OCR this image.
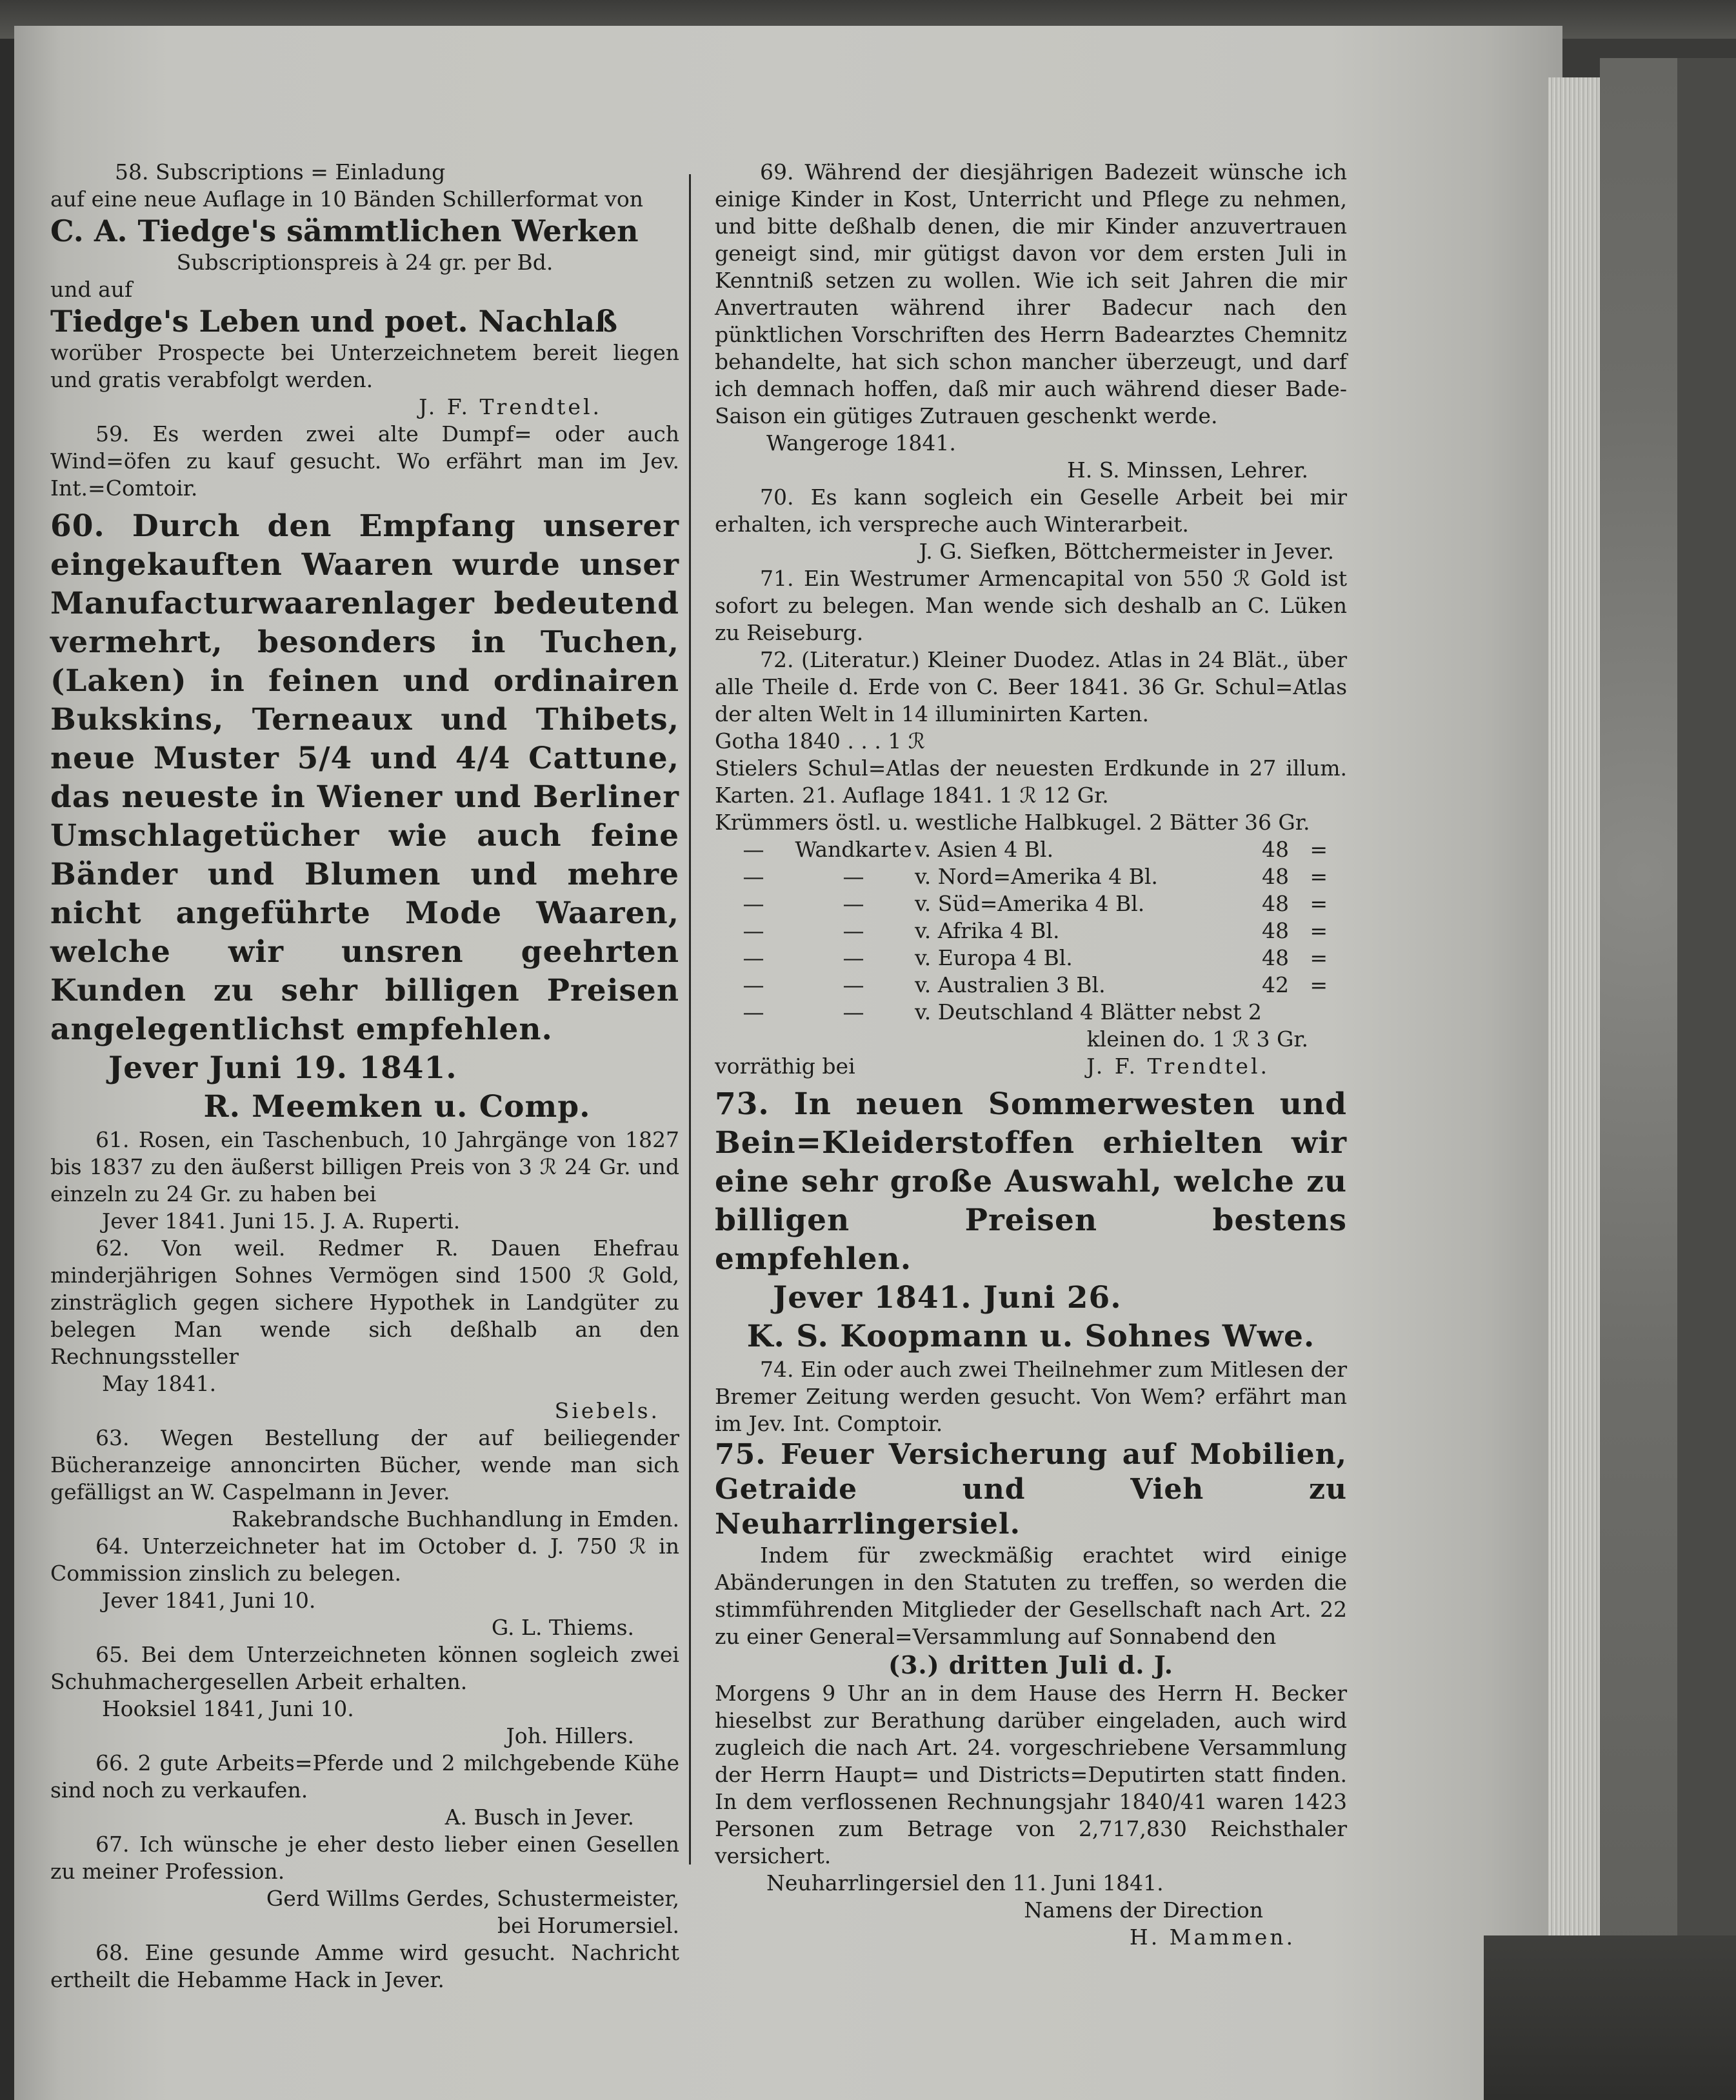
58. Subscriptions = Einladung

auf eine neue Auflage in 10 Bänden Schillerformat von

C. A. Tiedge's sämmtlichen Werken

Subscriptionspreis à 24 gr. per Bd.

und auf

Tiedge's Leben und poet. Nachlaß

worüber Prospecte bei Unterzeichnetem bereit liegen und gratis verabfolgt werden.

J. F. Trendtel.

59. Es werden zwei alte Dumpf= oder auch Wind=öfen zu kauf gesucht. Wo erfährt man im Jev. Int.=Comtoir.

60. Durch den Empfang unserer eingekauften Waaren wurde unser Manufacturwaarenlager bedeutend vermehrt, besonders in Tuchen, (Laken) in feinen und ordinairen Bukskins, Terneaux und Thibets, neue Muster 5/4 und 4/4 Cattune, das neueste in Wiener und Berliner Umschlagetücher wie auch feine Bänder und Blumen und mehre nicht angeführte Mode Waaren, welche wir unsren geehrten Kunden zu sehr billigen Preisen angelegentlichst empfehlen.

Jever Juni 19. 1841.

R. Meemken u. Comp.

61. Rosen, ein Taschenbuch, 10 Jahrgänge von 1827 bis 1837 zu den äußerst billigen Preis von 3 ℛ 24 Gr. und einzeln zu 24 Gr. zu haben bei

Jever 1841. Juni 15. J. A. Ruperti.

62. Von weil. Redmer R. Dauen Ehefrau minderjährigen Sohnes Vermögen sind 1500 ℛ Gold, zinsträglich gegen sichere Hypothek in Landgüter zu belegen Man wende sich deßhalb an den Rechnungssteller

May 1841.

Siebels.

63. Wegen Bestellung der auf beiliegender Bücheranzeige annoncirten Bücher, wende man sich gefälligst an W. Caspelmann in Jever.

Rakebrandsche Buchhandlung in Emden.

64. Unterzeichneter hat im October d. J. 750 ℛ in Commission zinslich zu belegen.

Jever 1841, Juni 10.

G. L. Thiems.

65. Bei dem Unterzeichneten können sogleich zwei Schuhmachergesellen Arbeit erhalten.

Hooksiel 1841, Juni 10.

Joh. Hillers.

66. 2 gute Arbeits=Pferde und 2 milchgebende Kühe sind noch zu verkaufen.

A. Busch in Jever.

67. Ich wünsche je eher desto lieber einen Gesellen zu meiner Profession.

Gerd Willms Gerdes, Schustermeister,

bei Horumersiel.

68. Eine gesunde Amme wird gesucht. Nachricht ertheilt die Hebamme Hack in Jever.

69. Während der diesjährigen Badezeit wünsche ich einige Kinder in Kost, Unterricht und Pflege zu nehmen, und bitte deßhalb denen, die mir Kinder anzuvertrauen geneigt sind, mir gütigst davon vor dem ersten Juli in Kenntniß setzen zu wollen. Wie ich seit Jahren die mir Anvertrauten während ihrer Badecur nach den pünktlichen Vorschriften des Herrn Badearztes Chemnitz behandelte, hat sich schon mancher überzeugt, und darf ich demnach hoffen, daß mir auch während dieser Bade-Saison ein gütiges Zutrauen geschenkt werde.

Wangeroge 1841.

H. S. Minssen, Lehrer.

70. Es kann sogleich ein Geselle Arbeit bei mir erhalten, ich verspreche auch Winterarbeit.

J. G. Siefken, Böttchermeister in Jever.

71. Ein Westrumer Armencapital von 550 ℛ Gold ist sofort zu belegen. Man wende sich deshalb an C. Lüken zu Reiseburg.

72. (Literatur.) Kleiner Duodez. Atlas in 24 Blät., über alle Theile d. Erde von C. Beer 1841. 36 Gr. Schul=Atlas der alten Welt in 14 illuminirten Karten.

Gotha 1840 . . . 1 ℛ

Stielers Schul=Atlas der neuesten Erdkunde in 27 illum. Karten. 21. Auflage 1841. 1 ℛ 12 Gr.

Krümmers östl. u. westliche Halbkugel. 2 Bätter 36 Gr.

—	Wandkarte v. Asien 4 Bl.	48 =
—	—	v. Nord=Amerika 4 Bl.	48 =
—	—	v. Süd=Amerika 4 Bl.	48 =
—	—	v. Afrika 4 Bl.	48 =
—	—	v. Europa 4 Bl.	48 =
—	—	v. Australien 3 Bl.	42 =
—	—	v. Deutschland 4 Blätter nebst 2

kleinen do. 1 ℛ 3 Gr.

vorräthig bei	J. F. Trendtel.

73. In neuen Sommerwesten und Bein=Kleiderstoffen erhielten wir eine sehr große Auswahl, welche zu billigen Preisen bestens empfehlen.

Jever 1841. Juni 26.

K. S. Koopmann u. Sohnes Wwe.

74. Ein oder auch zwei Theilnehmer zum Mitlesen der Bremer Zeitung werden gesucht. Von Wem? erfährt man im Jev. Int. Comptoir.

75. Feuer Versicherung auf Mobilien, Getraide und Vieh zu Neuharrlingersiel.

Indem für zweckmäßig erachtet wird einige Abänderungen in den Statuten zu treffen, so werden die stimmführenden Mitglieder der Gesellschaft nach Art. 22 zu einer General=Versammlung auf Sonnabend den

(3.) dritten Juli d. J.

Morgens 9 Uhr an in dem Hause des Herrn H. Becker hieselbst zur Berathung darüber eingeladen, auch wird zugleich die nach Art. 24. vorgeschriebene Versammlung der Herrn Haupt= und Districts=Deputirten statt finden. In dem verflossenen Rechnungsjahr 1840/41 waren 1423 Personen zum Betrage von 2,717,830 Reichsthaler versichert.

Neuharrlingersiel den 11. Juni 1841.

Namens der Direction

H. Mammen.
